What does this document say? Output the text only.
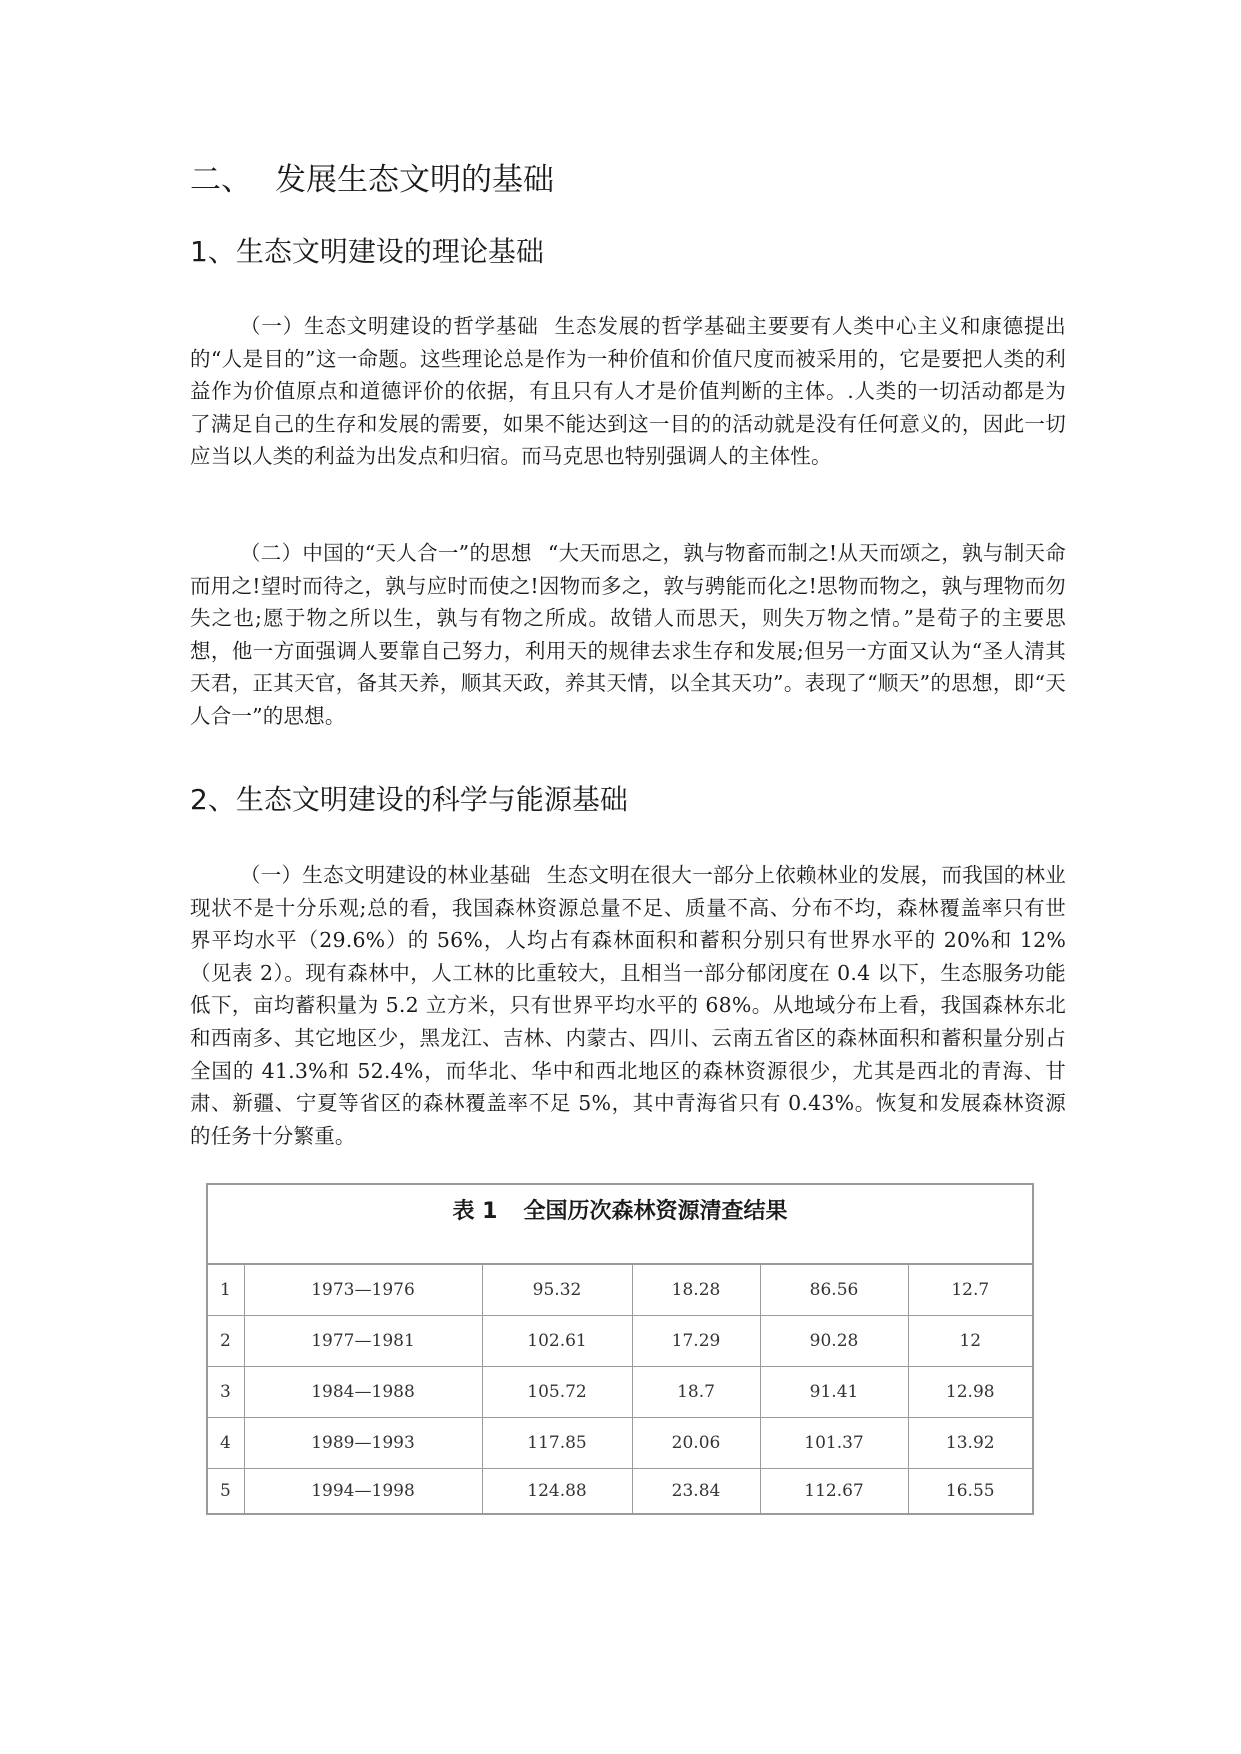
二、 发展生态文明的基础
1、生态文明建设的理论基础

（一）生态文明建设的哲学基础 生态发展的哲学基础主要要有人类中心主义和康德提出的“人是目的”这一命题。这些理论总是作为一种价值和价值尺度而被采用的，它是要把人类的利益作为价值原点和道德评价的依据，有且只有人才是价值判断的主体。.人类的一切活动都是为了满足自己的生存和发展的需要，如果不能达到这一目的的活动就是没有任何意义的，因此一切应当以人类的利益为出发点和归宿。而马克思也特别强调人的主体性。

（二）中国的“天人合一”的思想 “大天而思之，孰与物畜而制之!从天而颂之，孰与制天命而用之!望时而待之，孰与应时而使之!因物而多之，敦与骋能而化之!思物而物之，孰与理物而勿失之也;愿于物之所以生，孰与有物之所成。故错人而思天，则失万物之情。”是荀子的主要思想，他一方面强调人要靠自己努力，利用天的规律去求生存和发展;但另一方面又认为“圣人清其天君，正其天官，备其天养，顺其天政，养其天情，以全其天功”。表现了“顺天”的思想，即“天人合一”的思想。

2、生态文明建设的科学与能源基础

（一）生态文明建设的林业基础 生态文明在很大一部分上依赖林业的发展，而我国的林业现状不是十分乐观;总的看，我国森林资源总量不足、质量不高、分布不均，森林覆盖率只有世界平均水平（29.6%）的 56%，人均占有森林面积和蓄积分别只有世界水平的 20%和 12%（见表 2）。现有森林中，人工林的比重较大，且相当一部分郁闭度在 0.4 以下，生态服务功能低下，亩均蓄积量为 5.2 立方米，只有世界平均水平的 68%。从地域分布上看，我国森林东北和西南多、其它地区少，黑龙江、吉林、内蒙古、四川、云南五省区的森林面积和蓄积量分别占全国的 41.3%和 52.4%，而华北、华中和西北地区的森林资源很少，尤其是西北的青海、甘肃、新疆、宁夏等省区的森林覆盖率不足 5%，其中青海省只有 0.43%。恢复和发展森林资源的任务十分繁重。

表 1 全国历次森林资源清查结果
1	1973—1976	95.32	18.28	86.56	12.7
2	1977—1981	102.61	17.29	90.28	12
3	1984—1988	105.72	18.7	91.41	12.98
4	1989—1993	117.85	20.06	101.37	13.92
5	1994—1998	124.88	23.84	112.67	16.55
